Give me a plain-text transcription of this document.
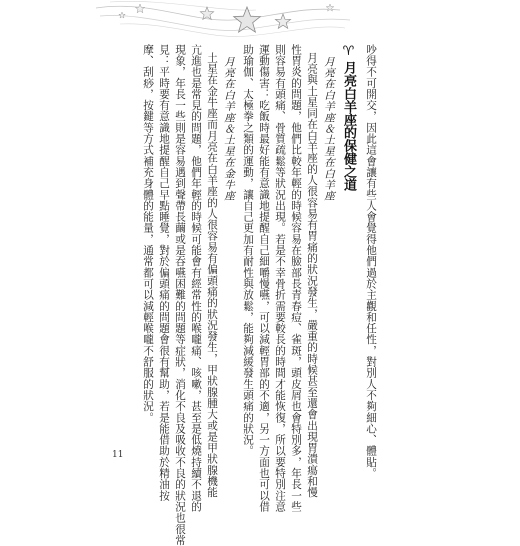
吵得不可開交，因此這會讓有些人會覺得他們過於主觀和任性，對別人不夠細心、體貼。
♈月亮白羊座的保健之道
月亮在白羊座＆土星在白羊座
月亮與土星同在白羊座的人很容易有胃痛的狀況發生，嚴重的時候甚至還會出現胃潰瘍和慢
性胃炎的問題，他們比較年輕的時候容易在臉部長青春痘、雀斑，頭皮屑也會特別多，年長一些
則容易有頭痛、骨質疏鬆等狀況出現。若是不幸骨折需要較長的時間才能恢復，所以要特別注意
運動傷害：吃飯時最好能有意識地提醒自己細嚼慢嚥，可以減輕胃部的不適，另一方面也可以借
助瑜伽、太極拳之類的運動，讓自己更加有耐性與放鬆，能夠減緩發生頭痛的狀況。
月亮在白羊座＆土星在金牛座
土星在金牛座而月亮在白羊座的人很容易有偏頭痛的狀況發生，甲狀腺腫大或是甲狀腺機能
亢進也是常見的問題，他們年輕的時候可能會有經常性的喉嚨痛、咳嗽，甚至是低燒持續不退的
現象，年長一些則是容易遇到聲帶長繭或是吞嚥困難的問題等症狀，消化不良及吸收不良的狀況也很常
見：平時要有意識地提醒自己早點睡覺，對於偏頭痛的問題會很有幫助，若是能借助於精油按
摩、刮痧，按鍵等方式補充身體的能量，通常都可以減輕喉嚨不舒服的狀況。
11
